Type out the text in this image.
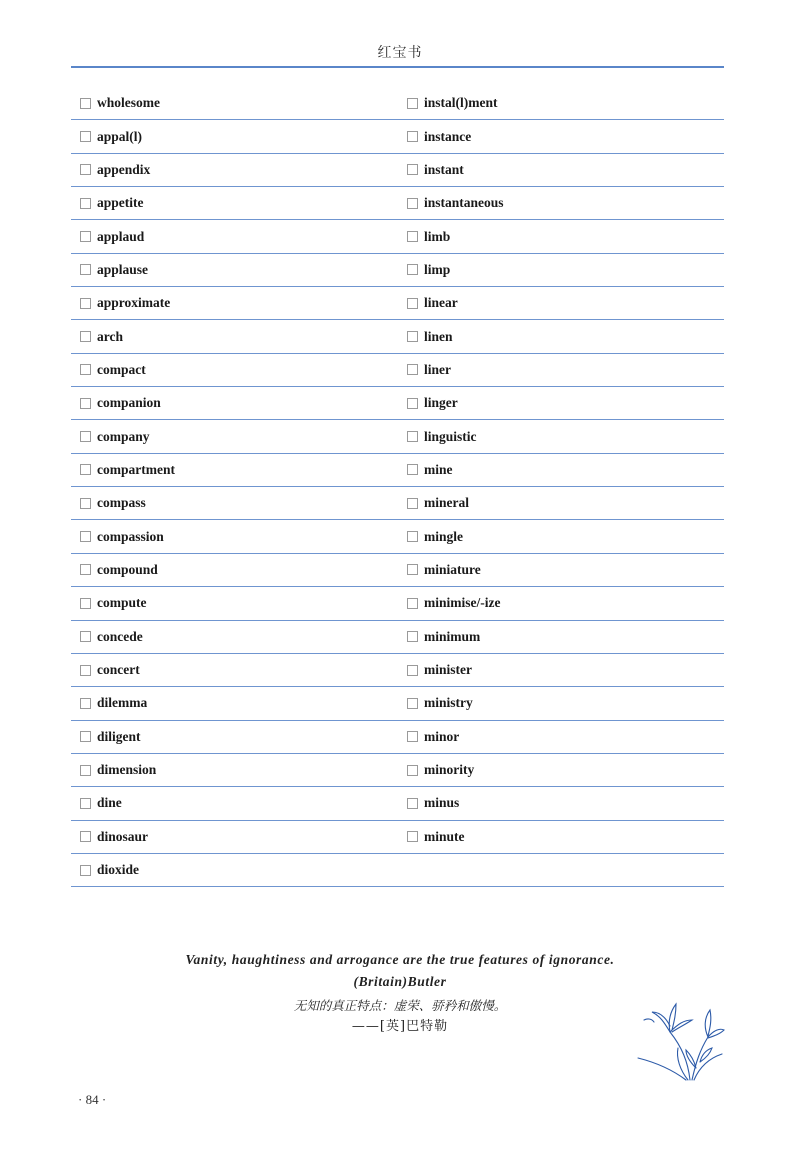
红宝书
wholesome	instal(l)ment
appal(l)	instance
appendix	instant
appetite	instantaneous
applaud	limb
applause	limp
approximate	linear
arch	linen
compact	liner
companion	linger
company	linguistic
compartment	mine
compass	mineral
compassion	mingle
compound	miniature
compute	minimise/-ize
concede	minimum
concert	minister
dilemma	ministry
diligent	minor
dimension	minority
dine	minus
dinosaur	minute
dioxide
Vanity, haughtiness and arrogance are the true features of ignorance.
(Britain)Butler
无知的真正特点：虚荣、骄矜和傲慢。
——[英]巴特勒
· 84 ·
